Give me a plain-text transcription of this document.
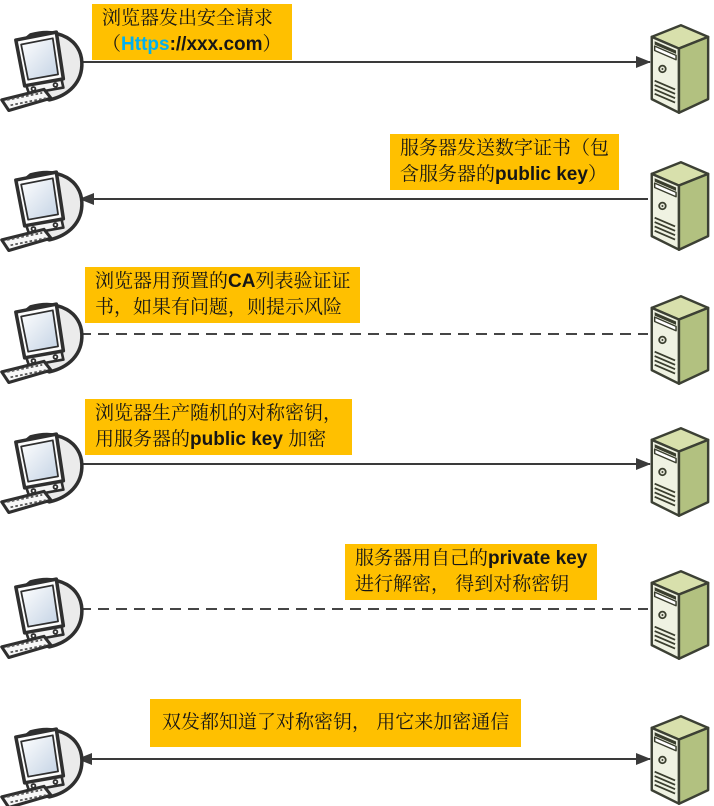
浏览器发出安全请求
（Https://xxx.com）
服务器发送数字证书（包
含服务器的public key）
浏览器用预置的CA列表验证证
书，如果有问题，则提示风险
浏览器生产随机的对称密钥，
用服务器的public key 加密
服务器用自己的private key
进行解密， 得到对称密钥
双发都知道了对称密钥， 用它来加密通信
